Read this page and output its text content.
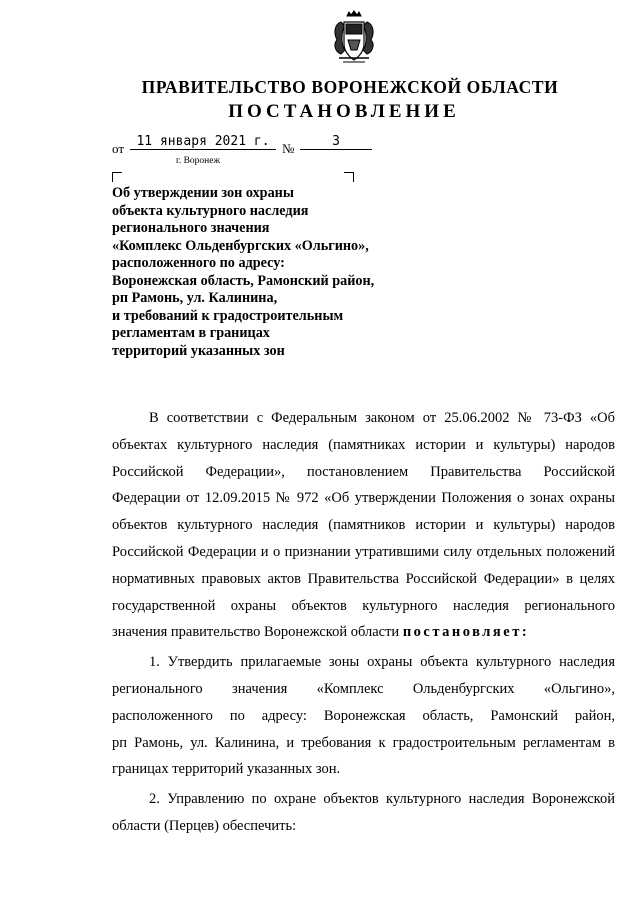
ПРАВИТЕЛЬСТВО ВОРОНЕЖСКОЙ ОБЛАСТИ
ПОСТАНОВЛЕНИЕ
от 11 января 2021 г. №	3
г. Воронеж
Об утверждении зон охраны
объекта культурного наследия
регионального значения
«Комплекс Ольденбургских «Ольгино»,
расположенного по адресу:
Воронежская область, Рамонский район,
рп Рамонь, ул. Калинина,
и требований к градостроительным
регламентам в границах
территорий указанных зон
В соответствии с Федеральным законом от 25.06.2002 № 73-ФЗ «Об
объектах культурного наследия (памятниках истории и культуры) народов
Российской Федерации», постановлением Правительства Российской
Федерации от 12.09.2015 № 972 «Об утверждении Положения о зонах охраны
объектов культурного наследия (памятников истории и культуры) народов
Российской Федерации и о признании утратившими силу отдельных положений
нормативных правовых актов Правительства Российской Федерации» в целях
государственной охраны объектов культурного наследия регионального
значения правительство Воронежской области постановляет:
1. Утвердить прилагаемые зоны охраны объекта культурного наследия
регионального значения «Комплекс Ольденбургских «Ольгино»,
расположенного по адресу: Воронежская область, Рамонский район,
рп Рамонь, ул. Калинина, и требования к градостроительным регламентам в
границах территорий указанных зон.
2. Управлению по охране объектов культурного наследия Воронежской
области (Перцев) обеспечить:
